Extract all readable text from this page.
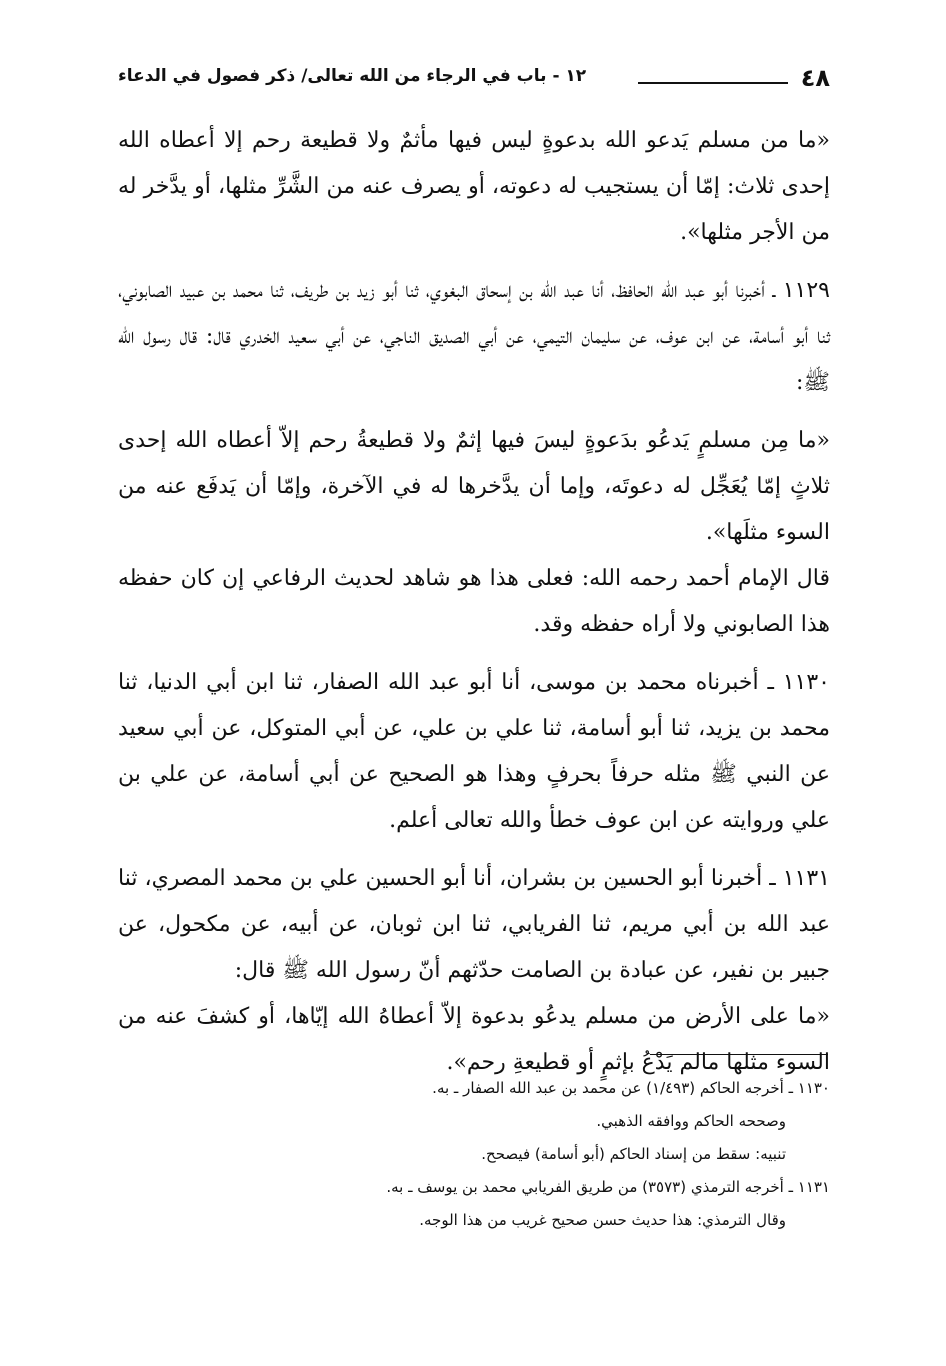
٤٨
١٢ - باب في الرجاء من الله تعالى/ ذكر فصول في الدعاء

«ما من مسلم يَدعو الله بدعوةٍ ليس فيها مأثمٌ ولا قطيعة رحم إلا أعطاه الله إحدى ثلاث: إمّا أن يستجيب له دعوته، أو يصرف عنه من الشَّرِّ مثلها، أو يدَّخر له من الأجر مثلها».

١١٢٩ ـ أخبرنا أبو عبد الله الحافظ، أنا عبد الله بن إسحاق البغوي، ثنا أبو زيد بن طريف، ثنا محمد بن عبيد الصابوني، ثنا أبو أسامة، عن ابن عوف، عن سليمان التيمي، عن أبي الصديق الناجي، عن أبي سعيد الخدري قال: قال رسول الله ﷺ:

«ما مِن مسلمٍ يَدعُو بدَعوةٍ ليسَ فيها إثمٌ ولا قطيعةُ رحم إلاّ أعطاه الله إحدى ثلاثٍ إمّا يُعَجِّل له دعوتَه، وإما أن يدَّخرها له في الآخرة، وإمّا أن يَدفَع عنه من السوء مثلَها».

قال الإمام أحمد رحمه الله: فعلى هذا هو شاهد لحديث الرفاعي إن كان حفظه هذا الصابوني ولا أراه حفظه وقد.

١١٣٠ ـ أخبرناه محمد بن موسى، أنا أبو عبد الله الصفار، ثنا ابن أبي الدنيا، ثنا محمد بن يزيد، ثنا أبو أسامة، ثنا علي بن علي، عن أبي المتوكل، عن أبي سعيد عن النبي ﷺ مثله حرفاً بحرفٍ وهذا هو الصحيح عن أبي أسامة، عن علي بن علي وروايته عن ابن عوف خطأ والله تعالى أعلم.

١١٣١ ـ أخبرنا أبو الحسين بن بشران، أنا أبو الحسين علي بن محمد المصري، ثنا عبد الله بن أبي مريم، ثنا الفريابي، ثنا ابن ثوبان، عن أبيه، عن مكحول، عن جبير بن نفير، عن عبادة بن الصامت حدّثهم أنّ رسول الله ﷺ قال:

«ما على الأرض من مسلم يدعُو بدعوة إلاّ أعطاهُ الله إيّاها، أو كشفَ عنه من السوء مثلها مالم يَدْعُ بإثمٍ أو قطيعةِ رحم».

١١٣٠ ـ أخرجه الحاكم (١/٤٩٣) عن محمد بن عبد الله الصفار ـ به.

وصححه الحاكم ووافقه الذهبي.

تنبيه: سقط من إسناد الحاكم (أبو أسامة) فيصحح.

١١٣١ ـ أخرجه الترمذي (٣٥٧٣) من طريق الفريابي محمد بن يوسف ـ به.

وقال الترمذي: هذا حديث حسن صحيح غريب من هذا الوجه.
